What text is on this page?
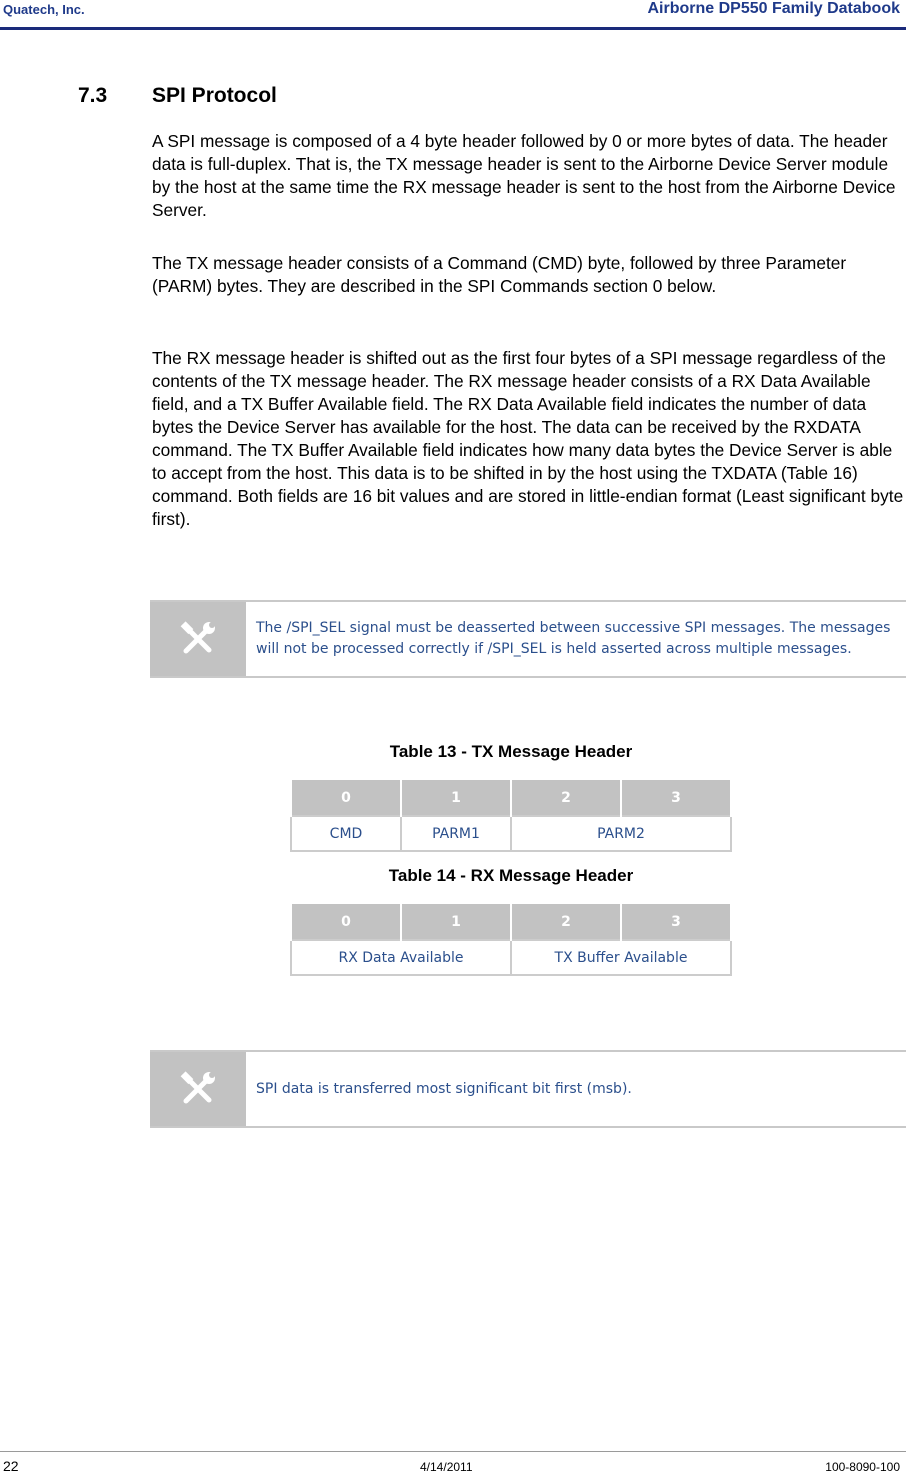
Quatech, Inc.	Airborne DP550 Family Databook
7.3 SPI Protocol

A SPI message is composed of a 4 byte header followed by 0 or more bytes of data. The header data is full-duplex. That is, the TX message header is sent to the Airborne Device Server module by the host at the same time the RX message header is sent to the host from the Airborne Device Server.

The TX message header consists of a Command (CMD) byte, followed by three Parameter (PARM) bytes. They are described in the SPI Commands section 0 below.

The RX message header is shifted out as the first four bytes of a SPI message regardless of the contents of the TX message header. The RX message header consists of a RX Data Available field, and a TX Buffer Available field. The RX Data Available field indicates the number of data bytes the Device Server has available for the host. The data can be received by the RXDATA command. The TX Buffer Available field indicates how many data bytes the Device Server is able to accept from the host. This data is to be shifted in by the host using the TXDATA (Table 16) command. Both fields are 16 bit values and are stored in little-endian format (Least significant byte first).

The /SPI_SEL signal must be deasserted between successive SPI messages. The messages will not be processed correctly if /SPI_SEL is held asserted across multiple messages.
Table 13 - TX Message Header
0	1	2	3
CMD	PARM1	PARM2	
Table 14 - RX Message Header
0	1	2	3
RX Data Available		TX Buffer Available	
SPI data is transferred most significant bit first (msb).
22	4/14/2011	100-8090-100
